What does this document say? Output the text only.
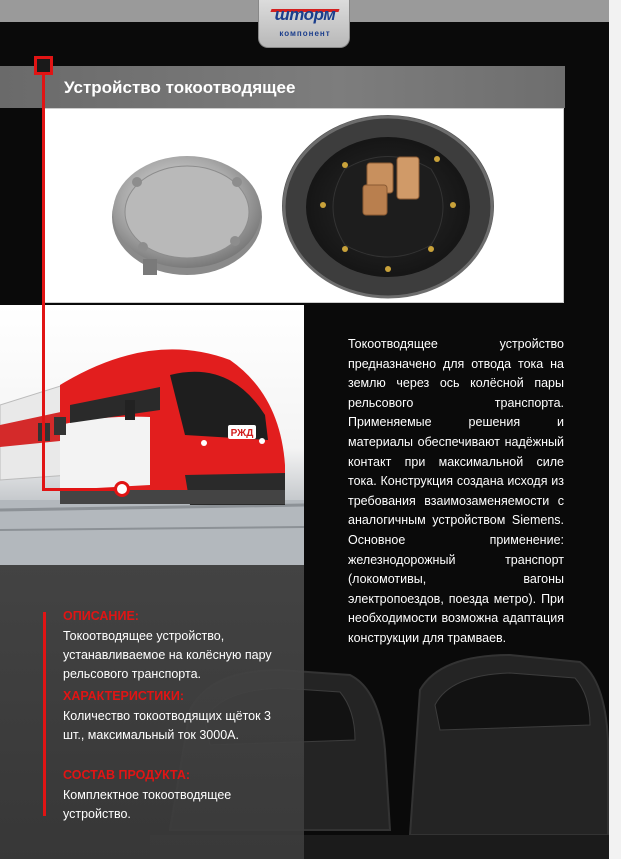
шторм
компонент
Устройство токоотводящее
РЖД
Токоотводящее устройство предназначено для отвода тока на землю через ось колёсной пары рельсового транспорта. Применяемые решения и материалы обеспечивают надёжный контакт при максимальной силе тока. Конструкция создана исходя из требования взаимозаменяемости с аналогичным устройством Siemens. Основное применение: железнодорожный транспорт (локомотивы, вагоны электропоездов, поезда метро). При необходимости возможна адаптация конструкции для трамваев.
ОПИСАНИЕ:
Токоотводящее устройство, устанавливаемое на колёсную пару рельсового транспорта.
ХАРАКТЕРИСТИКИ:
Количество токоотводящих щёток 3 шт., максимальный ток 3000А.
СОСТАВ ПРОДУКТА:
Комплектное токоотводящее устройство.
